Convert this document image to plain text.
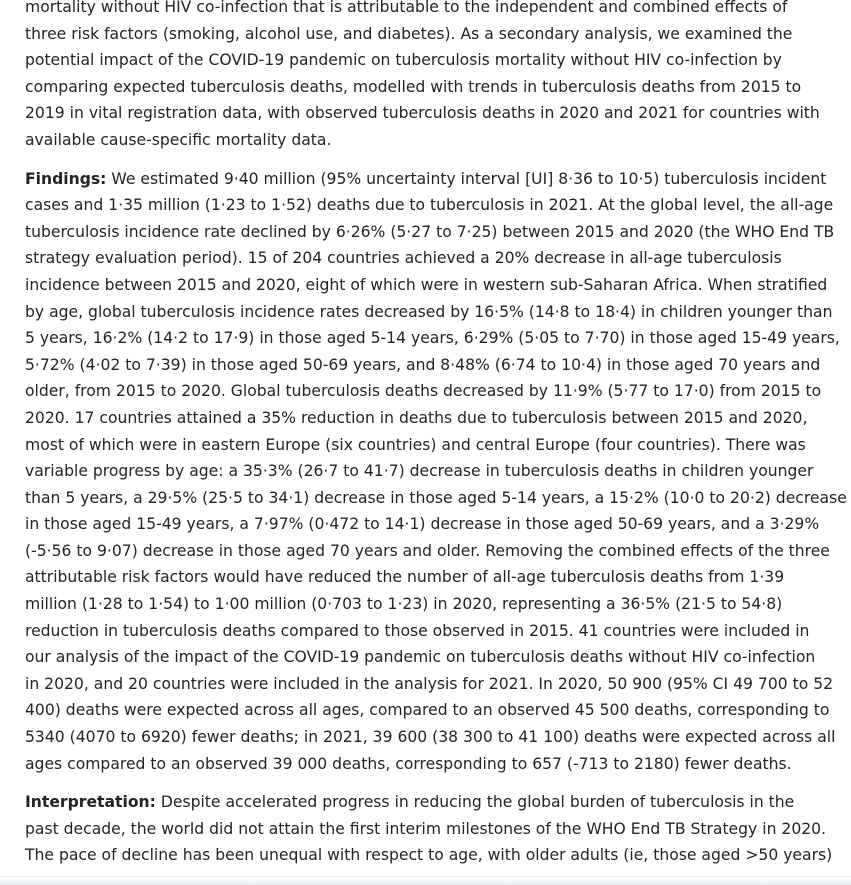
mortality without HIV co-infection that is attributable to the independent and combined effects of
three risk factors (smoking, alcohol use, and diabetes). As a secondary analysis, we examined the
potential impact of the COVID-19 pandemic on tuberculosis mortality without HIV co-infection by
comparing expected tuberculosis deaths, modelled with trends in tuberculosis deaths from 2015 to
2019 in vital registration data, with observed tuberculosis deaths in 2020 and 2021 for countries with
available cause-specific mortality data.

Findings: We estimated 9·40 million (95% uncertainty interval [UI] 8·36 to 10·5) tuberculosis incident
cases and 1·35 million (1·23 to 1·52) deaths due to tuberculosis in 2021. At the global level, the all-age
tuberculosis incidence rate declined by 6·26% (5·27 to 7·25) between 2015 and 2020 (the WHO End TB
strategy evaluation period). 15 of 204 countries achieved a 20% decrease in all-age tuberculosis
incidence between 2015 and 2020, eight of which were in western sub-Saharan Africa. When stratified
by age, global tuberculosis incidence rates decreased by 16·5% (14·8 to 18·4) in children younger than
5 years, 16·2% (14·2 to 17·9) in those aged 5-14 years, 6·29% (5·05 to 7·70) in those aged 15-49 years,
5·72% (4·02 to 7·39) in those aged 50-69 years, and 8·48% (6·74 to 10·4) in those aged 70 years and
older, from 2015 to 2020. Global tuberculosis deaths decreased by 11·9% (5·77 to 17·0) from 2015 to
2020. 17 countries attained a 35% reduction in deaths due to tuberculosis between 2015 and 2020,
most of which were in eastern Europe (six countries) and central Europe (four countries). There was
variable progress by age: a 35·3% (26·7 to 41·7) decrease in tuberculosis deaths in children younger
than 5 years, a 29·5% (25·5 to 34·1) decrease in those aged 5-14 years, a 15·2% (10·0 to 20·2) decrease
in those aged 15-49 years, a 7·97% (0·472 to 14·1) decrease in those aged 50-69 years, and a 3·29%
(-5·56 to 9·07) decrease in those aged 70 years and older. Removing the combined effects of the three
attributable risk factors would have reduced the number of all-age tuberculosis deaths from 1·39
million (1·28 to 1·54) to 1·00 million (0·703 to 1·23) in 2020, representing a 36·5% (21·5 to 54·8)
reduction in tuberculosis deaths compared to those observed in 2015. 41 countries were included in
our analysis of the impact of the COVID-19 pandemic on tuberculosis deaths without HIV co-infection
in 2020, and 20 countries were included in the analysis for 2021. In 2020, 50 900 (95% CI 49 700 to 52
400) deaths were expected across all ages, compared to an observed 45 500 deaths, corresponding to
5340 (4070 to 6920) fewer deaths; in 2021, 39 600 (38 300 to 41 100) deaths were expected across all
ages compared to an observed 39 000 deaths, corresponding to 657 (-713 to 2180) fewer deaths.

Interpretation: Despite accelerated progress in reducing the global burden of tuberculosis in the
past decade, the world did not attain the first interim milestones of the WHO End TB Strategy in 2020.
The pace of decline has been unequal with respect to age, with older adults (ie, those aged >50 years)
